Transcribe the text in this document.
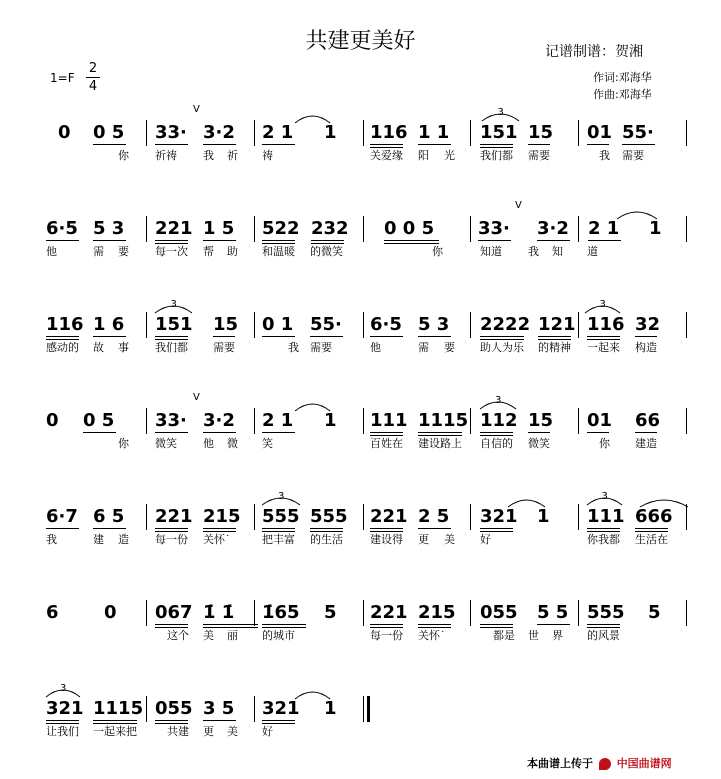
共建更美好	记谱制谱：贺湘
作词:邓海华
作曲:邓海华
$1=F \frac{2}{4}$
0 0 5 33· 3·2 2 1 1 116 1 1 151 15 01 55·
你 祈祷 我 祈 祷	关爱缘 阳 光 我们都 需要	我 需要
6·5 5 3 221 1 5 522 232 0 0 5 33· 3·2 2 1 1
他	需 要 每一次 帮 助 和温暖 的微笑	你	知道 我 知 道
116 1 6 151 15 0 1 55· 6·5 5 3 2222 121 116 32
感动的 故 事 我们都 需要	我 需要	他	需 要 助人为乐 的精神 一起来 构造
0 0 5 33· 3·2 2 1 1 111 1115 112 15 01 66
你 微笑 他 微 笑	百姓在 建设路上 自信的 微笑	你 建造
6·7 6 5 221 215 555 555 221 2 5 321 1 111 666
我	建 造 每一份 关怀˙	把丰富 的生活 建设得 更 美 好	你我都 生活在
6	0 067 1̇ 1̇ 1̇65 5 221 215 055 5 5 555 5
这个 美 丽 的城市	每一份 关怀˙	都是 世 界 的风景
321 1115 055 3 5 321 1
让我们 一起来把	共建 更 美 好
本曲谱上传于 中国曲谱网
3
3
3
3	3
3
3
V
V
V
